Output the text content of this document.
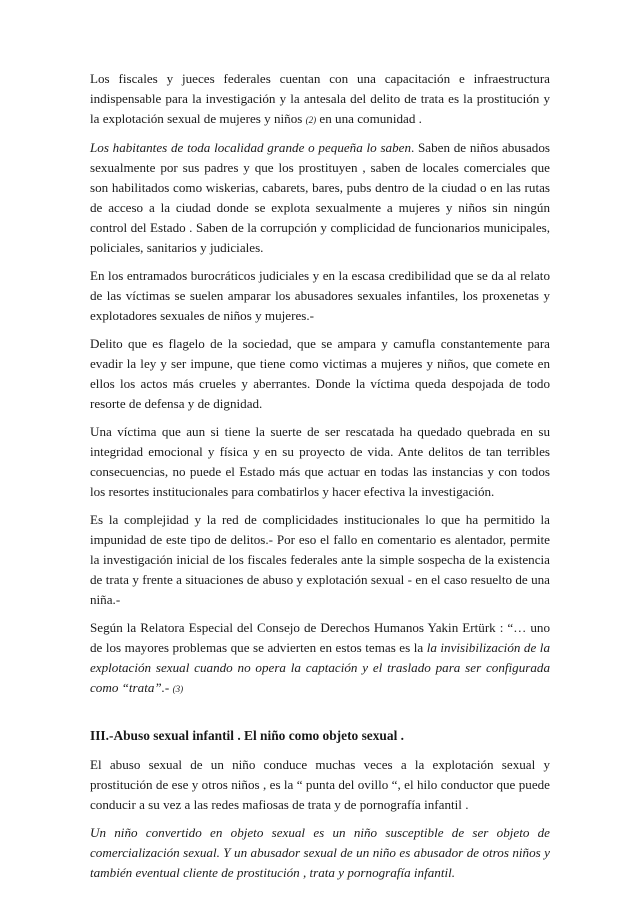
Los fiscales y jueces federales cuentan con una capacitación e infraestructura indispensable para la investigación y la antesala del delito de trata es la prostitución y la explotación sexual de mujeres y niños (2) en una comunidad .

Los habitantes de toda localidad grande o pequeña lo saben. Saben de niños abusados sexualmente por sus padres y que los prostituyen , saben de locales comerciales que son habilitados como wiskerias, cabarets, bares, pubs dentro de la ciudad o en las rutas de acceso a la ciudad donde se explota sexualmente a mujeres y niños sin ningún control del Estado . Saben de la corrupción y complicidad de funcionarios municipales, policiales, sanitarios y judiciales.

En los entramados burocráticos judiciales y en la escasa credibilidad que se da al relato de las víctimas se suelen amparar los abusadores sexuales infantiles, los proxenetas y explotadores sexuales de niños y mujeres.-

Delito que es flagelo de la sociedad, que se ampara y camufla constantemente para evadir la ley y ser impune, que tiene como victimas a mujeres y niños, que comete en ellos los actos más crueles y aberrantes. Donde la víctima queda despojada de todo resorte de defensa y de dignidad.

Una víctima que aun si tiene la suerte de ser rescatada ha quedado quebrada en su integridad emocional y física y en su proyecto de vida. Ante delitos de tan terribles consecuencias, no puede el Estado más que actuar en todas las instancias y con todos los resortes institucionales para combatirlos y hacer efectiva la investigación.

Es la complejidad y la red de complicidades institucionales lo que ha permitido la impunidad de este tipo de delitos.- Por eso el fallo en comentario es alentador, permite la investigación inicial de los fiscales federales ante la simple sospecha de la existencia de trata y frente a situaciones de abuso y explotación sexual - en el caso resuelto de una niña.-

Según la Relatora Especial del Consejo de Derechos Humanos Yakin Ertürk : “… uno de los mayores problemas que se advierten en estos temas es la la invisibilización de la explotación sexual cuando no opera la captación y el traslado para ser configurada como “trata”.- (3)

III.-Abuso sexual infantil . El niño como objeto sexual .

El abuso sexual de un niño conduce muchas veces a la explotación sexual y prostitución de ese y otros niños , es la “ punta del ovillo “, el hilo conductor que puede conducir a su vez a las redes mafiosas de trata y de pornografía infantil .

Un niño convertido en objeto sexual es un niño susceptible de ser objeto de comercialización sexual. Y un abusador sexual de un niño es abusador de otros niños y también eventual cliente de prostitución , trata y pornografía infantil.
